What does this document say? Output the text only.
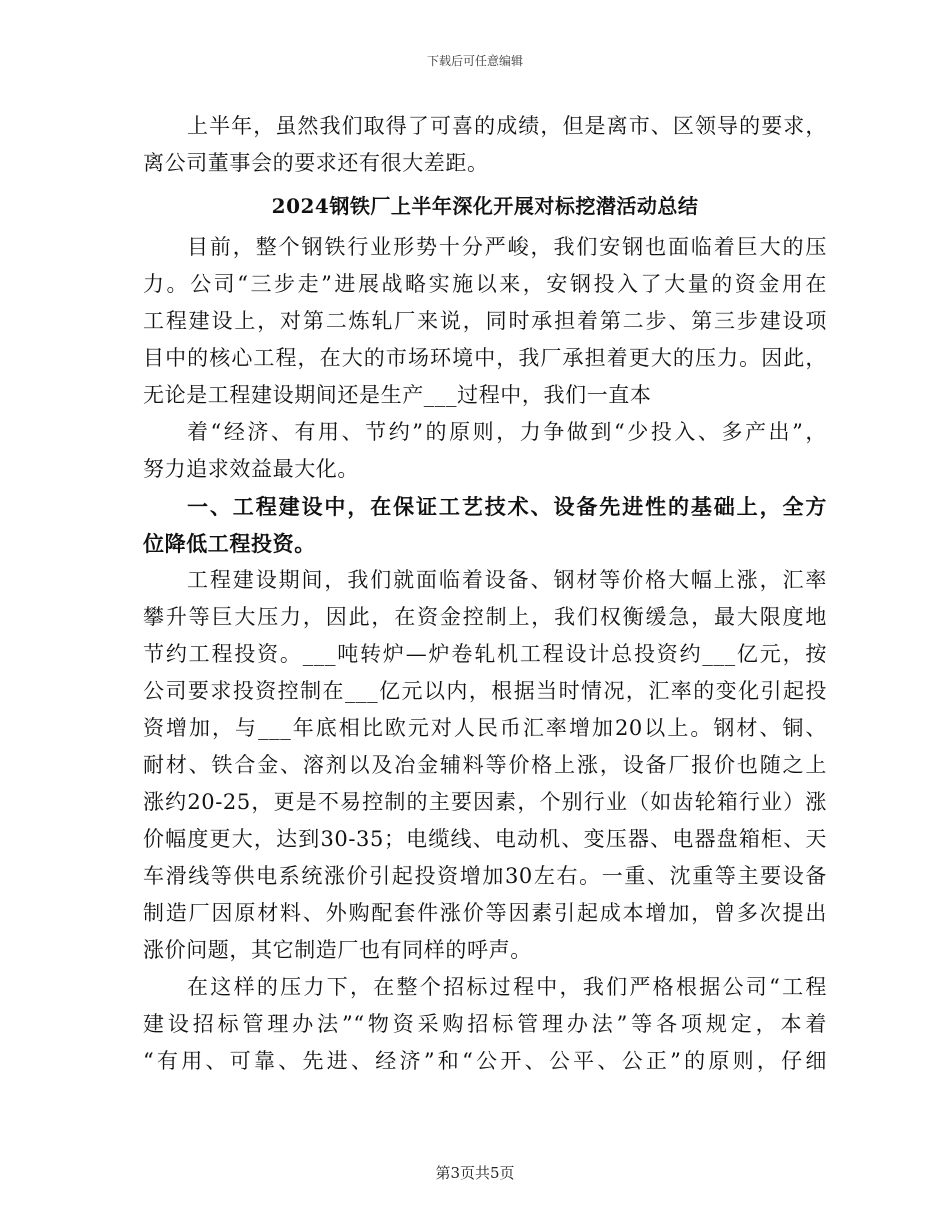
下载后可任意编辑
上半年，虽然我们取得了可喜的成绩，但是离市、区领导的要求，
离公司董事会的要求还有很大差距。
2024钢铁厂上半年深化开展对标挖潜活动总结
目前，整个钢铁行业形势十分严峻，我们安钢也面临着巨大的压
力。公司“三步走”进展战略实施以来，安钢投入了大量的资金用在
工程建设上，对第二炼轧厂来说，同时承担着第二步、第三步建设项
目中的核心工程，在大的市场环境中，我厂承担着更大的压力。因此，
无论是工程建设期间还是生产___过程中，我们一直本
着“经济、有用、节约”的原则，力争做到“少投入、多产出”，
努力追求效益最大化。
一、工程建设中，在保证工艺技术、设备先进性的基础上，全方
位降低工程投资。
工程建设期间，我们就面临着设备、钢材等价格大幅上涨，汇率
攀升等巨大压力，因此，在资金控制上，我们权衡缓急，最大限度地
节约工程投资。___吨转炉—炉卷轧机工程设计总投资约___亿元，按
公司要求投资控制在___亿元以内，根据当时情况，汇率的变化引起投
资增加，与___年底相比欧元对人民币汇率增加20以上。钢材、铜、
耐材、铁合金、溶剂以及冶金辅料等价格上涨，设备厂报价也随之上
涨约20-25，更是不易控制的主要因素，个别行业（如齿轮箱行业）涨
价幅度更大，达到30-35；电缆线、电动机、变压器、电器盘箱柜、天
车滑线等供电系统涨价引起投资增加30左右。一重、沈重等主要设备
制造厂因原材料、外购配套件涨价等因素引起成本增加，曾多次提出
涨价问题，其它制造厂也有同样的呼声。
在这样的压力下，在整个招标过程中，我们严格根据公司“工程
建设招标管理办法”“物资采购招标管理办法”等各项规定，本着
“有用、可靠、先进、经济”和“公开、公平、公正”的原则，仔细
第3页共5页
